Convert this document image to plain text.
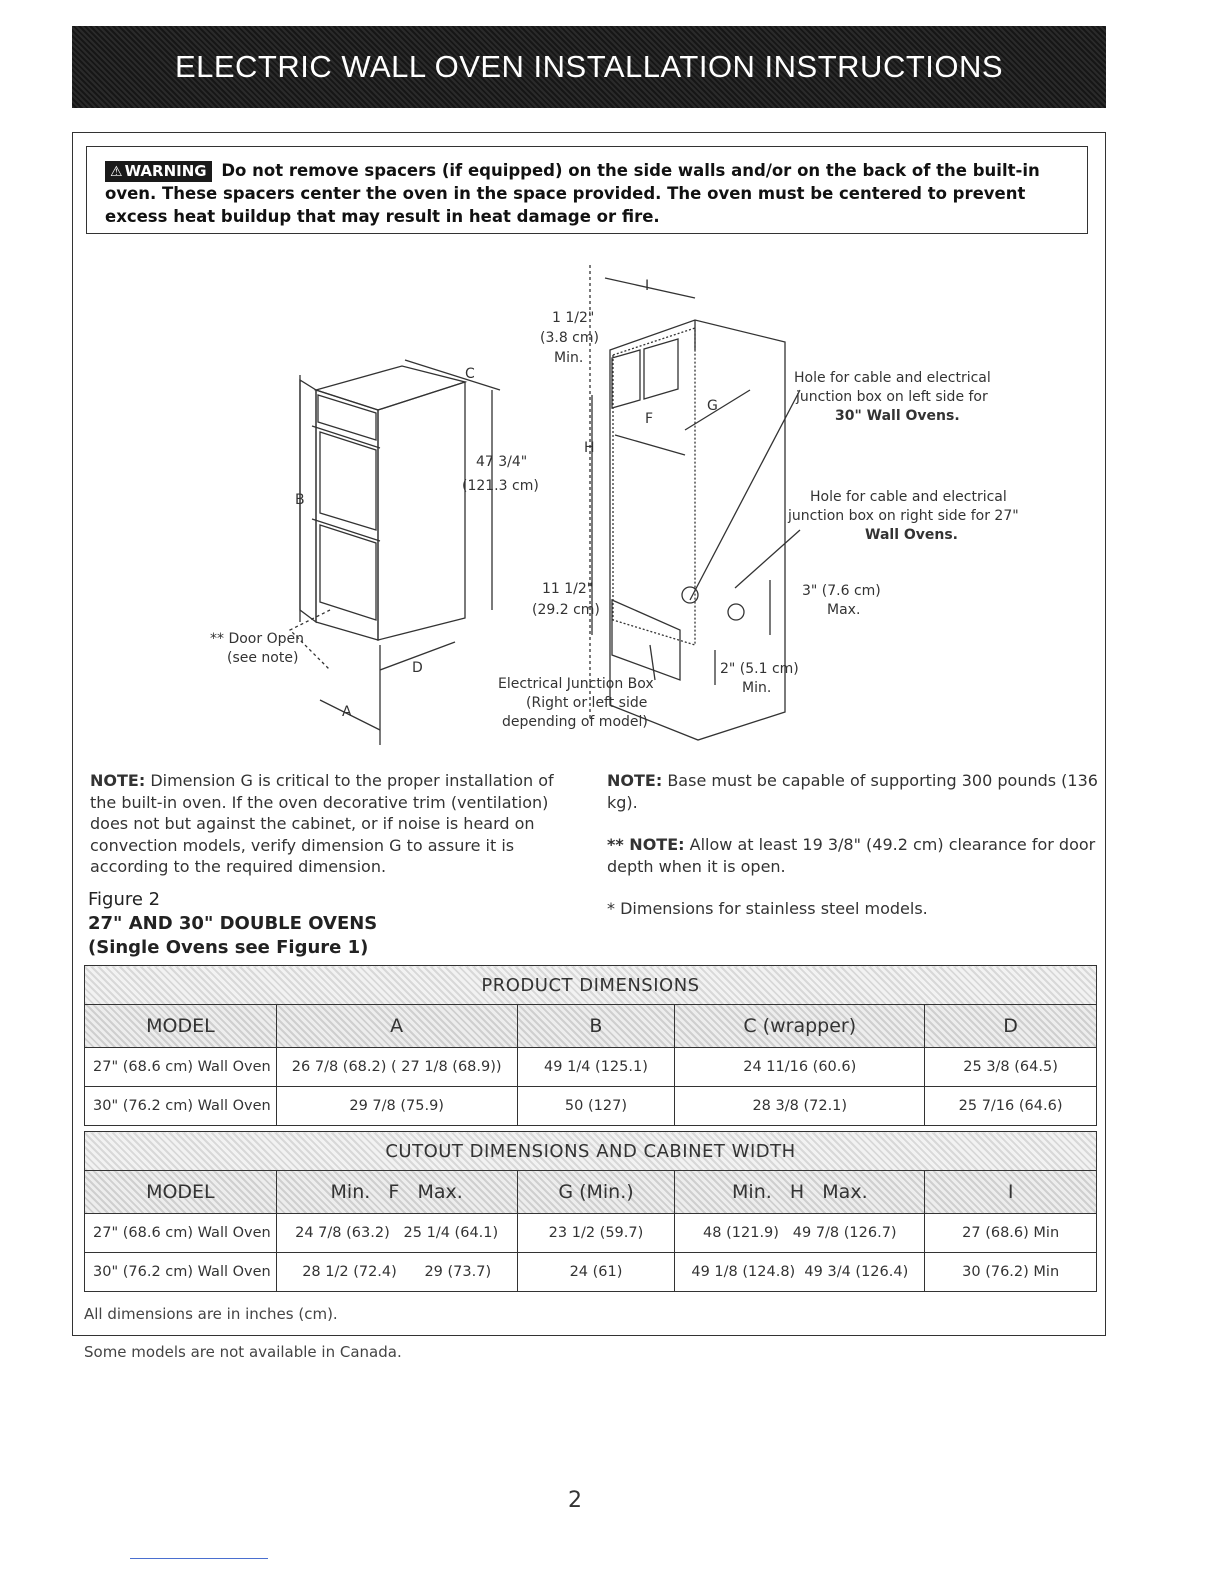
ELECTRIC WALL OVEN INSTALLATION INSTRUCTIONS
⚠ WARNING Do not remove spacers (if equipped) on the side walls and/or on the back of the built-in oven. These spacers center the oven in the space provided. The oven must be centered to prevent excess heat buildup that may result in heat damage or fire.
I
1 1/2"
(3.8 cm)
Min.
C
47 3/4"
(121.3 cm)
B
H
F
G
D
A
** Door Open
(see note)
11 1/2"
(29.2 cm)
Electrical Junction Box
(Right or left side
depending of model)
Hole for cable and electrical
junction box on left side for
30" Wall Ovens.
Hole for cable and electrical
junction box on right side for 27"
Wall Ovens.
3" (7.6 cm)
Max.
2" (5.1 cm)
Min.
NOTE: Dimension G is critical to the proper installation of the built-in oven. If the oven decorative trim (ventilation) does not but against the cabinet, or if noise is heard on convection models, verify dimension G to assure it is according to the required dimension.

NOTE: Base must be capable of supporting 300 pounds (136 kg).

** NOTE: Allow at least 19 3/8" (49.2 cm) clearance for door depth when it is open.

* Dimensions for stainless steel models.

Figure 2
27" AND 30" DOUBLE OVENS
(Single Ovens see Figure 1)
PRODUCT DIMENSIONS				
MODEL	A	B	C (wrapper)	D
27" (68.6 cm) Wall Oven	26 7/8 (68.2) ( 27 1/8 (68.9))	49 1/4 (125.1)	24 11/16 (60.6)	25 3/8 (64.5)
30" (76.2 cm) Wall Oven	29 7/8 (75.9)	50 (127)	28 3/8 (72.1)	25 7/16 (64.6)
CUTOUT DIMENSIONS AND CABINET WIDTH				
MODEL	Min.   F   Max.	G (Min.)	Min.   H   Max.	I
27" (68.6 cm) Wall Oven	24 7/8 (63.2)   25 1/4 (64.1)	23 1/2 (59.7)	48 (121.9)   49 7/8 (126.7)	27 (68.6) Min
30" (76.2 cm) Wall Oven	28 1/2 (72.4)      29 (73.7)	24 (61)	49 1/8 (124.8)  49 3/4 (126.4)	30 (76.2) Min
All dimensions are in inches (cm).
Some models are not available in Canada.
2
